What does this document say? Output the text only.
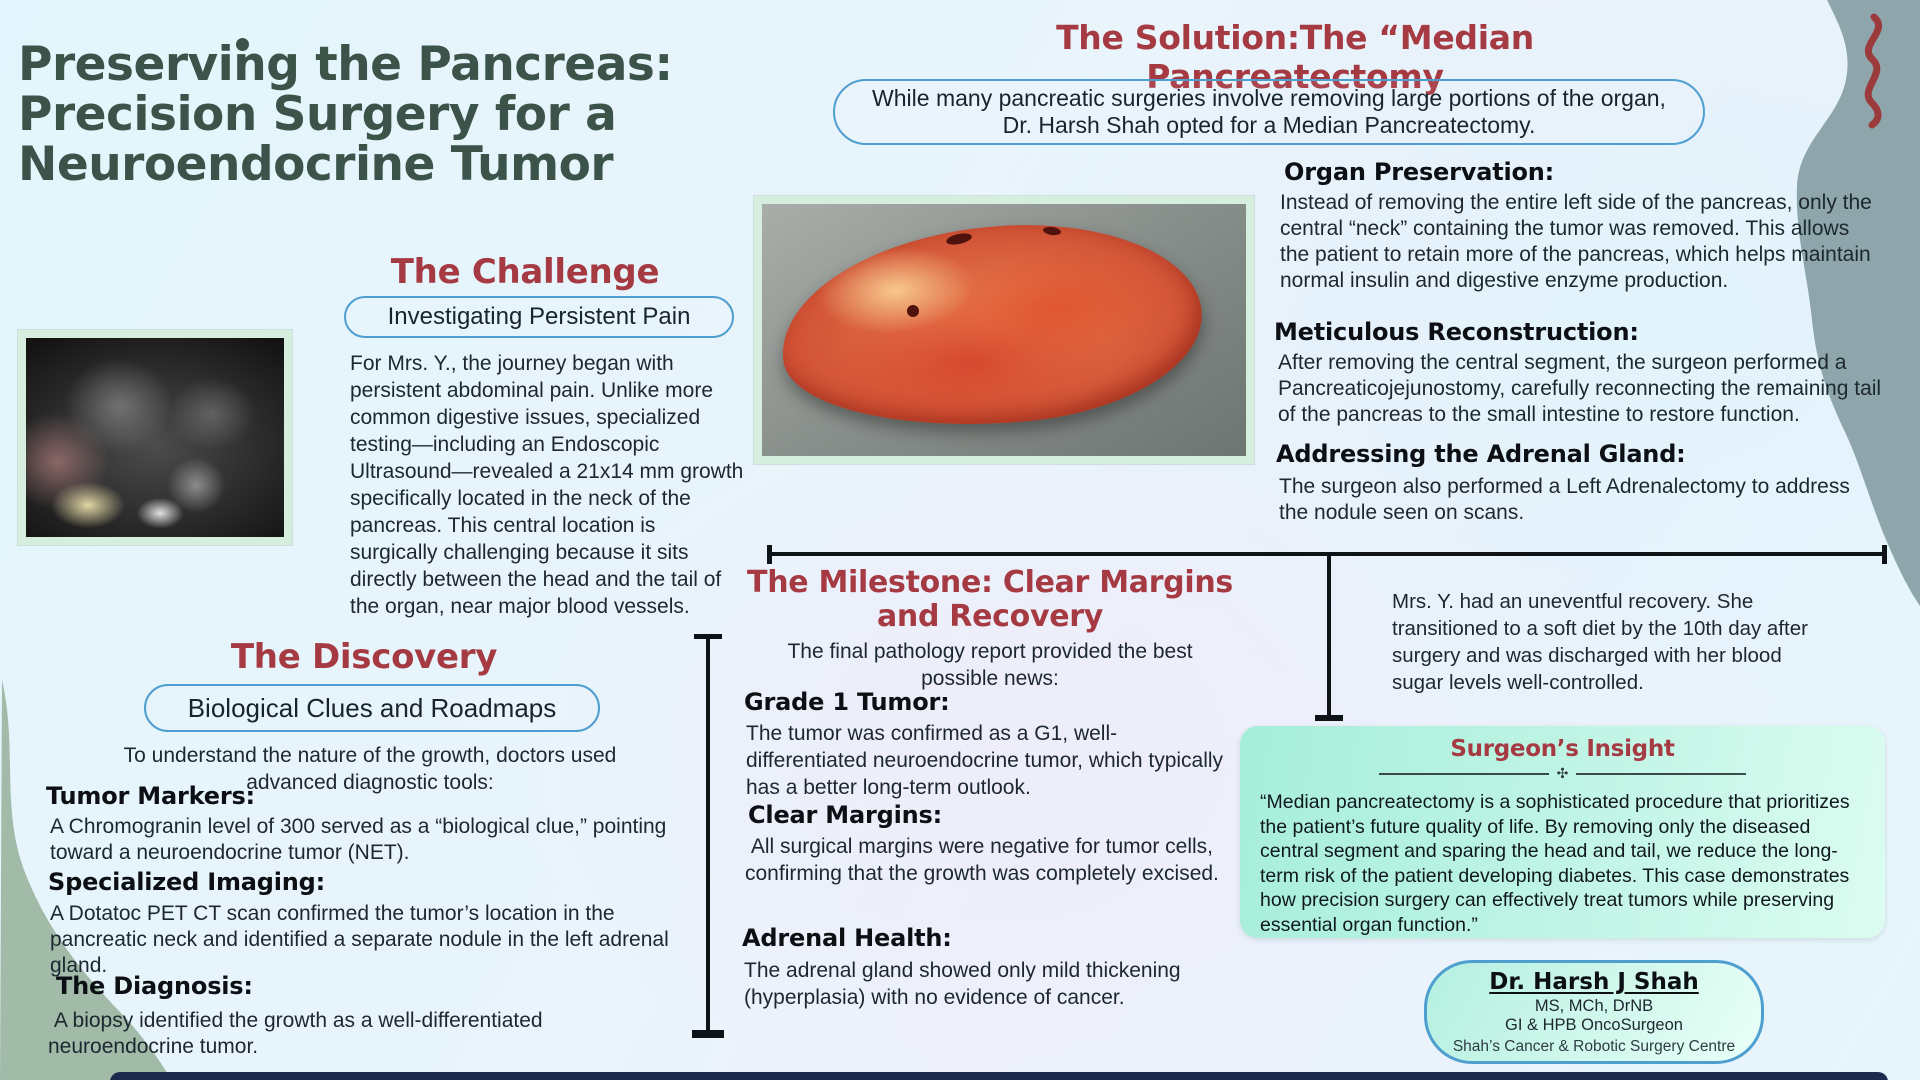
Preserving the Pancreas:
Precision Surgery for a
Neuroendocrine Tumor
The Challenge
Investigating Persistent Pain
For Mrs. Y., the journey began with persistent abdominal pain. Unlike more common digestive issues, specialized testing—including an Endoscopic Ultrasound—revealed a 21x14 mm growth specifically located in the neck of the pancreas. This central location is surgically challenging because it sits directly between the head and the tail of the organ, near major blood vessels.
The Discovery
Biological Clues and Roadmaps
To understand the nature of the growth, doctors used advanced diagnostic tools:
Tumor Markers:
A Chromogranin level of 300 served as a “biological clue,” pointing toward a neuroendocrine tumor (NET).
Specialized Imaging:
A Dotatoc PET CT scan confirmed the tumor’s location in the pancreatic neck and identified a separate nodule in the left adrenal gland.
The Diagnosis:
A biopsy identified the growth as a well-differentiated neuroendocrine tumor.
The Solution:The “Median Pancreatectomy
While many pancreatic surgeries involve removing large portions of the organ, Dr. Harsh Shah opted for a Median Pancreatectomy.
Organ Preservation:
Instead of removing the entire left side of the pancreas, only the central “neck” containing the tumor was removed. This allows the patient to retain more of the pancreas, which helps maintain normal insulin and digestive enzyme production.
Meticulous Reconstruction:
After removing the central segment, the surgeon performed a Pancreaticojejunostomy, carefully reconnecting the remaining tail of the pancreas to the small intestine to restore function.
Addressing the Adrenal Gland:
The surgeon also performed a Left Adrenalectomy to address the nodule seen on scans.
The Milestone: Clear Margins and Recovery
The final pathology report provided the best possible news:
Grade 1 Tumor:
The tumor was confirmed as a G1, well-differentiated neuroendocrine tumor, which typically has a better long-term outlook.
Clear Margins:
All surgical margins were negative for tumor cells, confirming that the growth was completely excised.
Adrenal Health:
The adrenal gland showed only mild thickening (hyperplasia) with no evidence of cancer.
Mrs. Y. had an uneventful recovery. She transitioned to a soft diet by the 10th day after surgery and was discharged with her blood sugar levels well-controlled.
Surgeon’s Insight
✣
“Median pancreatectomy is a sophisticated procedure that prioritizes the patient’s future quality of life. By removing only the diseased central segment and sparing the head and tail, we reduce the long-term risk of the patient developing diabetes. This case demonstrates how precision surgery can effectively treat tumors while preserving essential organ function.”
Dr. Harsh J Shah
MS, MCh, DrNB
GI & HPB OncoSurgeon
Shah’s Cancer & Robotic Surgery Centre
